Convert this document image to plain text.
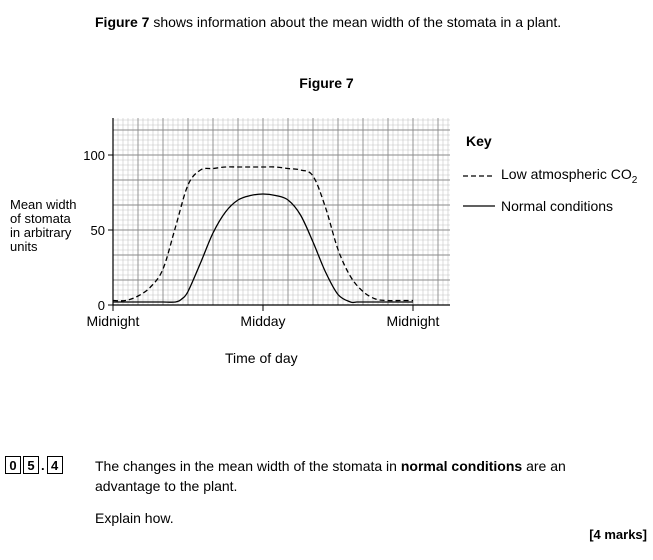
Figure 7 shows information about the mean width of the stomata in a plant.
Figure 7
Mean width
of stomata
in arbitrary
units
0
50
100
Midnight	Midday	Midnight
Time of day
Key
Low atmospheric $CO_2$
Normal conditions
0 5 . 4	The changes in the mean width of the stomata in normal conditions are an advantage to the plant.
Explain how.
[4 marks]
